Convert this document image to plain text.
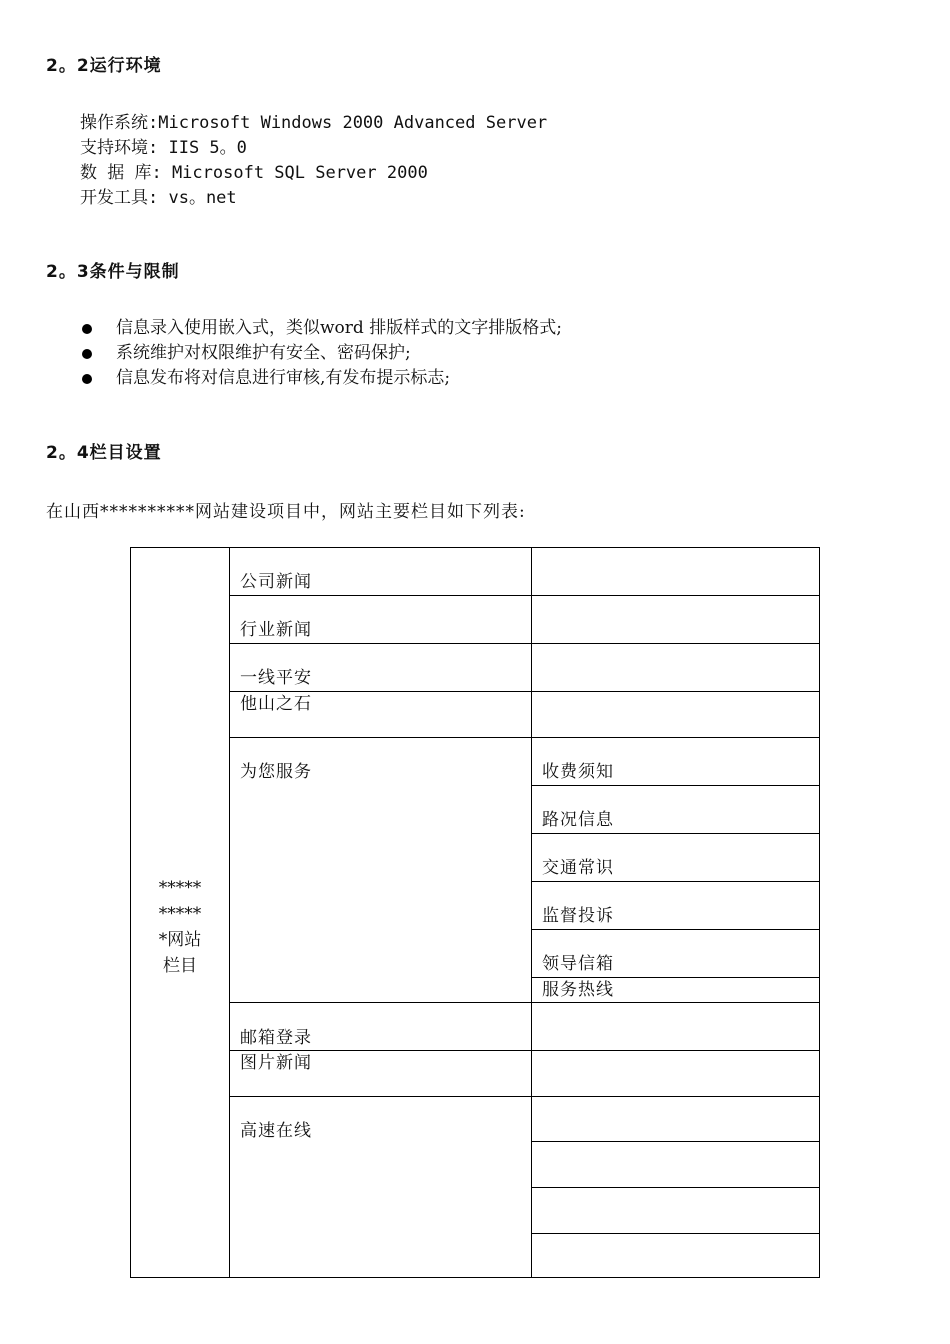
2。2运行环境
操作系统:Microsoft Windows 2000 Advanced Server
支持环境: IIS 5。0
数 据 库: Microsoft SQL Server 2000
开发工具: vs。net
2。3条件与限制
信息录入使用嵌入式，类似word 排版样式的文字排版格式;
系统维护对权限维护有安全、密码保护;
信息发布将对信息进行审核,有发布提示标志;
2。4栏目设置
在山西**********网站建设项目中，网站主要栏目如下列表:
*****
*****
*网站
栏目
公司新闻
行业新闻
一线平安
他山之石
为您服务
邮箱登录
图片新闻
高速在线
收费须知
路况信息
交通常识
监督投诉
领导信箱
服务热线
